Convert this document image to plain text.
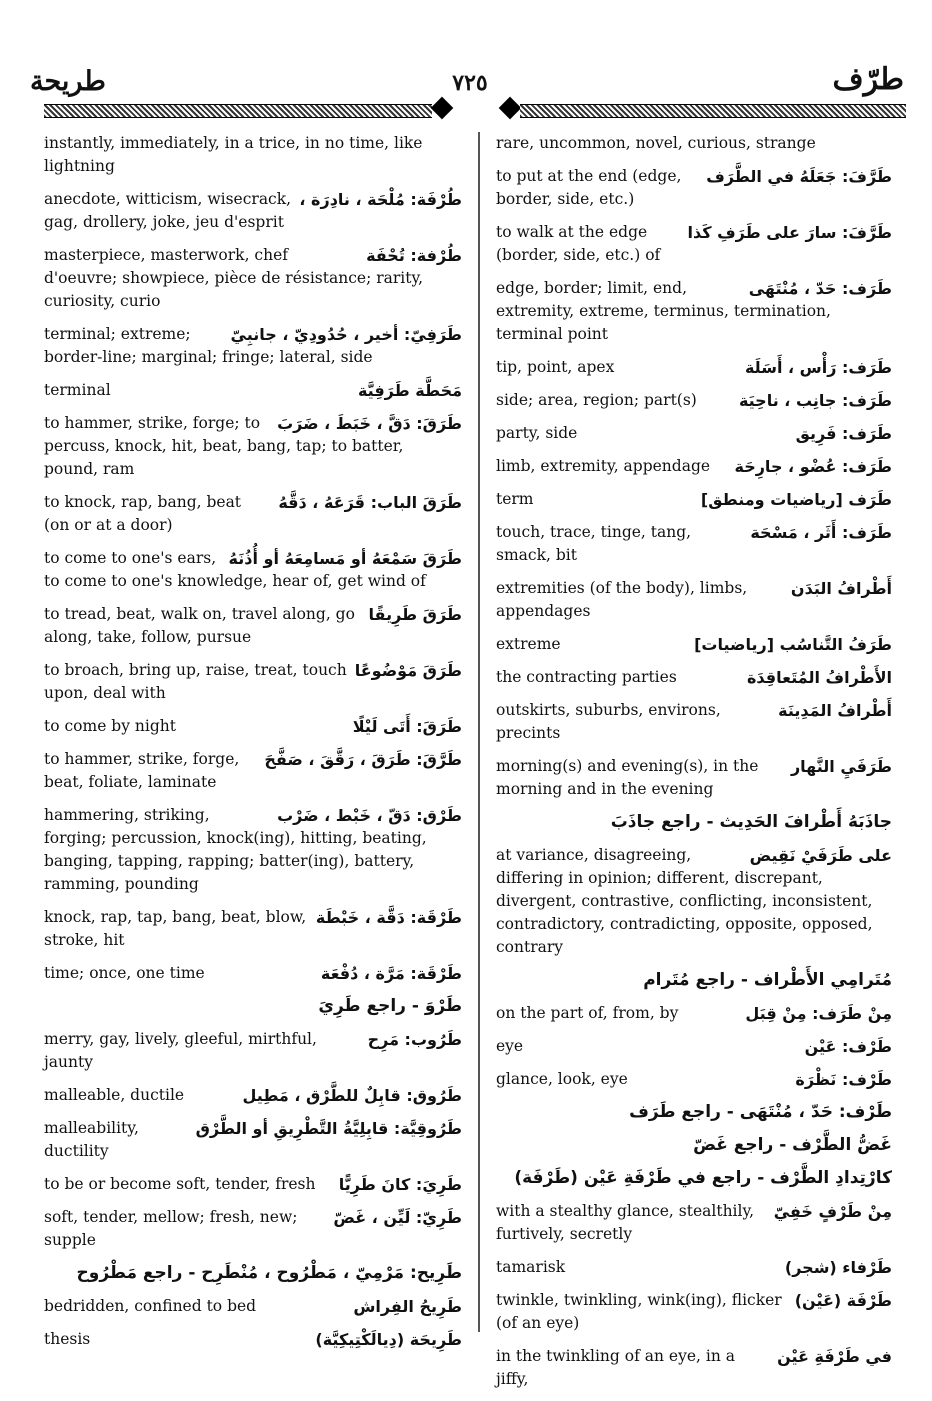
طريحة	٧٢٥	طرّف
instantly, immediately, in a trice, in no time, like lightning
طُرْفَة: مُلْحَة ، نادِرَة ،
anecdote, witticism, wisecrack, gag, drollery, joke, jeu d'esprit
طُرْفة: تُحْفَة
masterpiece, masterwork, chef d'oeuvre; showpiece, pièce de résistance; rarity, curiosity, curio
طَرَفِيّ: أخير ، حُدُودِيّ ، جانبِيّ
terminal; extreme; border-line; marginal; fringe; lateral, side
مَحَطَّة طَرَفِيَّة
terminal
طَرَقَ: دَقَّ ، خَبَطَ ، ضَرَبَ
to hammer, strike, forge; to percuss, knock, hit, beat, bang, tap; to batter, pound, ram
طَرَقَ الباب: قَرَعَهُ ، دَقَّهُ
to knock, rap, bang, beat (on or at a door)
طَرَقَ سَمْعَهُ أو مَسامِعَهُ أو أُذُنَهُ
to come to one's ears, to come to one's knowledge, hear of, get wind of
طَرَقَ طَرِيقًا
to tread, beat, walk on, travel along, go along, take, follow, pursue
طَرَقَ مَوْضُوعًا
to broach, bring up, raise, treat, touch upon, deal with
طَرَقَ: أَتَى لَيْلًا
to come by night
طَرَّقَ: طَرَقَ ، رَقَّقَ ، صَفَّحَ
to hammer, strike, forge, beat, foliate, laminate
طَرْق: دَقّ ، خَبْط ، ضَرْب
hammering, striking, forging; percussion, knock(ing), hitting, beating, banging, tapping, rapping; batter(ing), battery, ramming, pounding
طَرْقَة: دَقَّة ، خَبْطَة
knock, rap, tap, bang, beat, blow, stroke, hit
طَرْقَة: مَرَّة ، دُفْعَة
time; once, one time
طَرْوَ - راجع طَرِيَ
طَرُوب: مَرِح
merry, gay, lively, gleeful, mirthful, jaunty
طَرُوق: قابِلٌ للطَّرْق ، مَطِيل
malleable, ductile
طَرُوقِيَّة: قابِلِيَّةُ التَّطْرِيقِ أو الطَّرْق
malleability, ductility
طَرِيَ: كانَ طَرِيًّا
to be or become soft, tender, fresh
طَرِيّ: لَيِّن ، غَضّ
soft, tender, mellow; fresh, new; supple
طَرِيح: مَرْمِيّ ، مَطْرُوح ، مُنْطَرِح - راجع مَطْرُوح
طَرِيحُ الفِراش
bedridden, confined to bed
طَرِيحَة (دِيالَكْتِيكِيَّة)
thesis
rare, uncommon, novel, curious, strange
طَرَّفَ: جَعَلَهُ في الطَّرَف
to put at the end (edge, border, side, etc.)
طَرَّفَ: سارَ على طَرَفِ كَذا
to walk at the edge (border, side, etc.) of
طَرَف: حَدّ ، مُنْتَهَى
edge, border; limit, end, extremity, extreme, terminus, termination, terminal point
طَرَف: رَأْس ، أَسَلَة
tip, point, apex
طَرَف: جانِب ، ناحِيَة
side; area, region; part(s)
طَرَف: فَرِيق
party, side
طَرَف: عُضْو ، جارِحَة
limb, extremity, appendage
طَرَف [رياضيات ومنطق]
term
طَرَف: أَثَر ، مَسْحَة
touch, trace, tinge, tang, smack, bit
أَطْرافُ البَدَن
extremities (of the body), limbs, appendages
طَرَفُ التَّناسُب [رياضيات]
extreme
الأَطْرافُ المُتَعاقِدَة
the contracting parties
أَطْرافُ المَدِينَة
outskirts, suburbs, environs, precints
طَرَفَيِ النَّهار
morning(s) and evening(s), in the morning and in the evening
جاذَبَهُ أَطْرافَ الحَدِيث - راجع جاذَبَ
على طَرَفَيْ نَقِيض
at variance, disagreeing, differing in opinion; different, discrepant, divergent, contrastive, conflicting, inconsistent, contradictory, contradicting, opposite, opposed, contrary
مُتَرامِي الأَطْراف - راجع مُتَرام
مِنْ طَرَف: مِنْ قِبَل
on the part of, from, by
طَرْف: عَيْن
eye
طَرْف: نَظْرَة
glance, look, eye
طَرْف: حَدّ ، مُنْتَهَى - راجع طَرَف
غَضُّ الطَّرْف - راجع غَضّ
كارْتِدادِ الطَّرْف - راجع في طَرْفَةِ عَيْن (طَرْفَة)
مِنْ طَرْفٍ خَفِيّ
with a stealthy glance, stealthily, furtively, secretly
طَرْفاء (شجر)
tamarisk
طَرْفَة (عَيْن)
twinkle, twinkling, wink(ing), flicker (of an eye)
في طَرْفَةِ عَيْن
in the twinkling of an eye, in a jiffy,
